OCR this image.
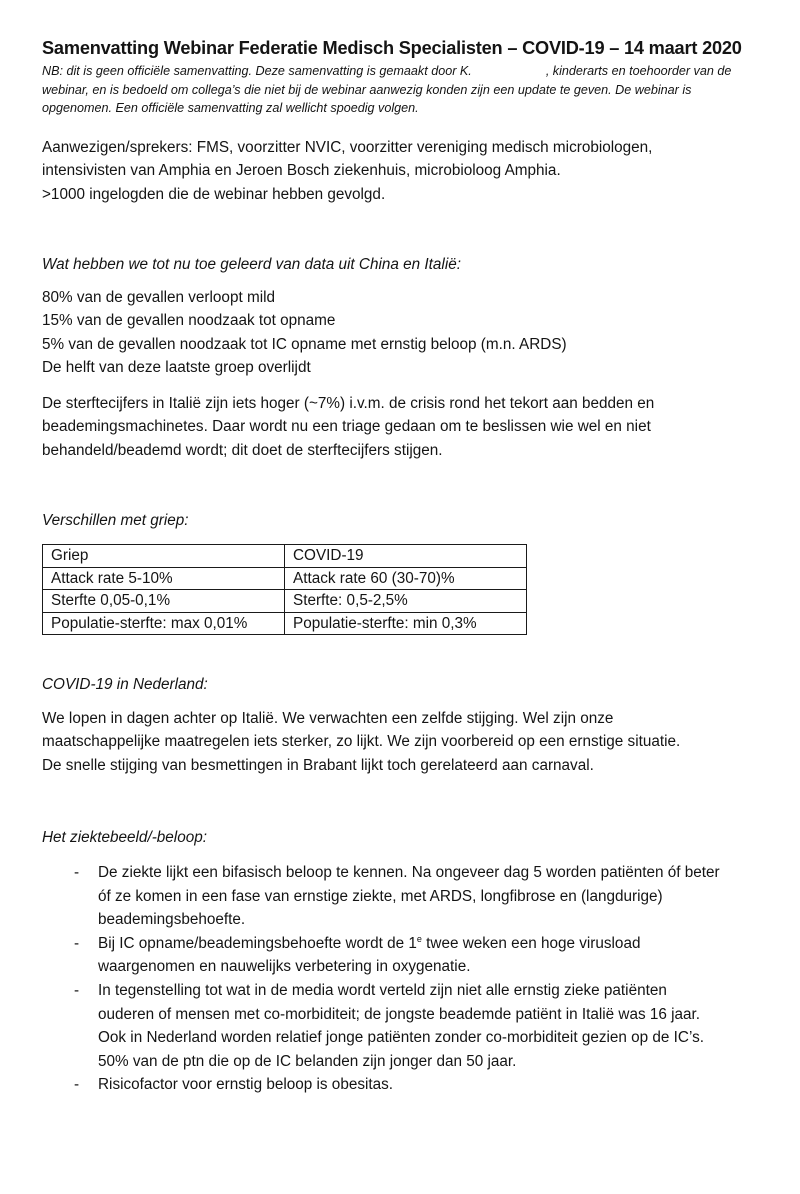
Samenvatting Webinar Federatie Medisch Specialisten – COVID-19 – 14 maart 2020
NB: dit is geen officiële samenvatting. Deze samenvatting is gemaakt door K.	, kinderarts en toehoorder van de
webinar, en is bedoeld om collega’s die niet bij de webinar aanwezig konden zijn een update te geven. De webinar is
opgenomen. Een officiële samenvatting zal wellicht spoedig volgen.
Aanwezigen/sprekers: FMS, voorzitter NVIC, voorzitter vereniging medisch microbiologen,
intensivisten van Amphia en Jeroen Bosch ziekenhuis, microbioloog Amphia.
>1000 ingelogden die de webinar hebben gevolgd.
Wat hebben we tot nu toe geleerd van data uit China en Italië:
80% van de gevallen verloopt mild
15% van de gevallen noodzaak tot opname
5% van de gevallen noodzaak tot IC opname met ernstig beloop (m.n. ARDS)
De helft van deze laatste groep overlijdt
De sterftecijfers in Italië zijn iets hoger (~7%) i.v.m. de crisis rond het tekort aan bedden en
beademingsmachinetes. Daar wordt nu een triage gedaan om te beslissen wie wel en niet
behandeld/beademd wordt; dit doet de sterftecijfers stijgen.
Verschillen met griep:
Griep	COVID-19
Attack rate 5-10%	Attack rate 60 (30-70)%
Sterfte 0,05-0,1%	Sterfte: 0,5-2,5%
Populatie-sterfte: max 0,01%	Populatie-sterfte: min 0,3%
COVID-19 in Nederland:
We lopen in dagen achter op Italië. We verwachten een zelfde stijging. Wel zijn onze
maatschappelijke maatregelen iets sterker, zo lijkt. We zijn voorbereid op een ernstige situatie.
De snelle stijging van besmettingen in Brabant lijkt toch gerelateerd aan carnaval.
Het ziektebeeld/-beloop:
- De ziekte lijkt een bifasisch beloop te kennen. Na ongeveer dag 5 worden patiënten óf beter
óf ze komen in een fase van ernstige ziekte, met ARDS, longfibrose en (langdurige)
beademingsbehoefte.
- Bij IC opname/beademingsbehoefte wordt de 1e twee weken een hoge virusload
waargenomen en nauwelijks verbetering in oxygenatie.
- In tegenstelling tot wat in de media wordt verteld zijn niet alle ernstig zieke patiënten
ouderen of mensen met co-morbiditeit; de jongste beademde patiënt in Italië was 16 jaar.
Ook in Nederland worden relatief jonge patiënten zonder co-morbiditeit gezien op de IC’s.
50% van de ptn die op de IC belanden zijn jonger dan 50 jaar.
- Risicofactor voor ernstig beloop is obesitas.
